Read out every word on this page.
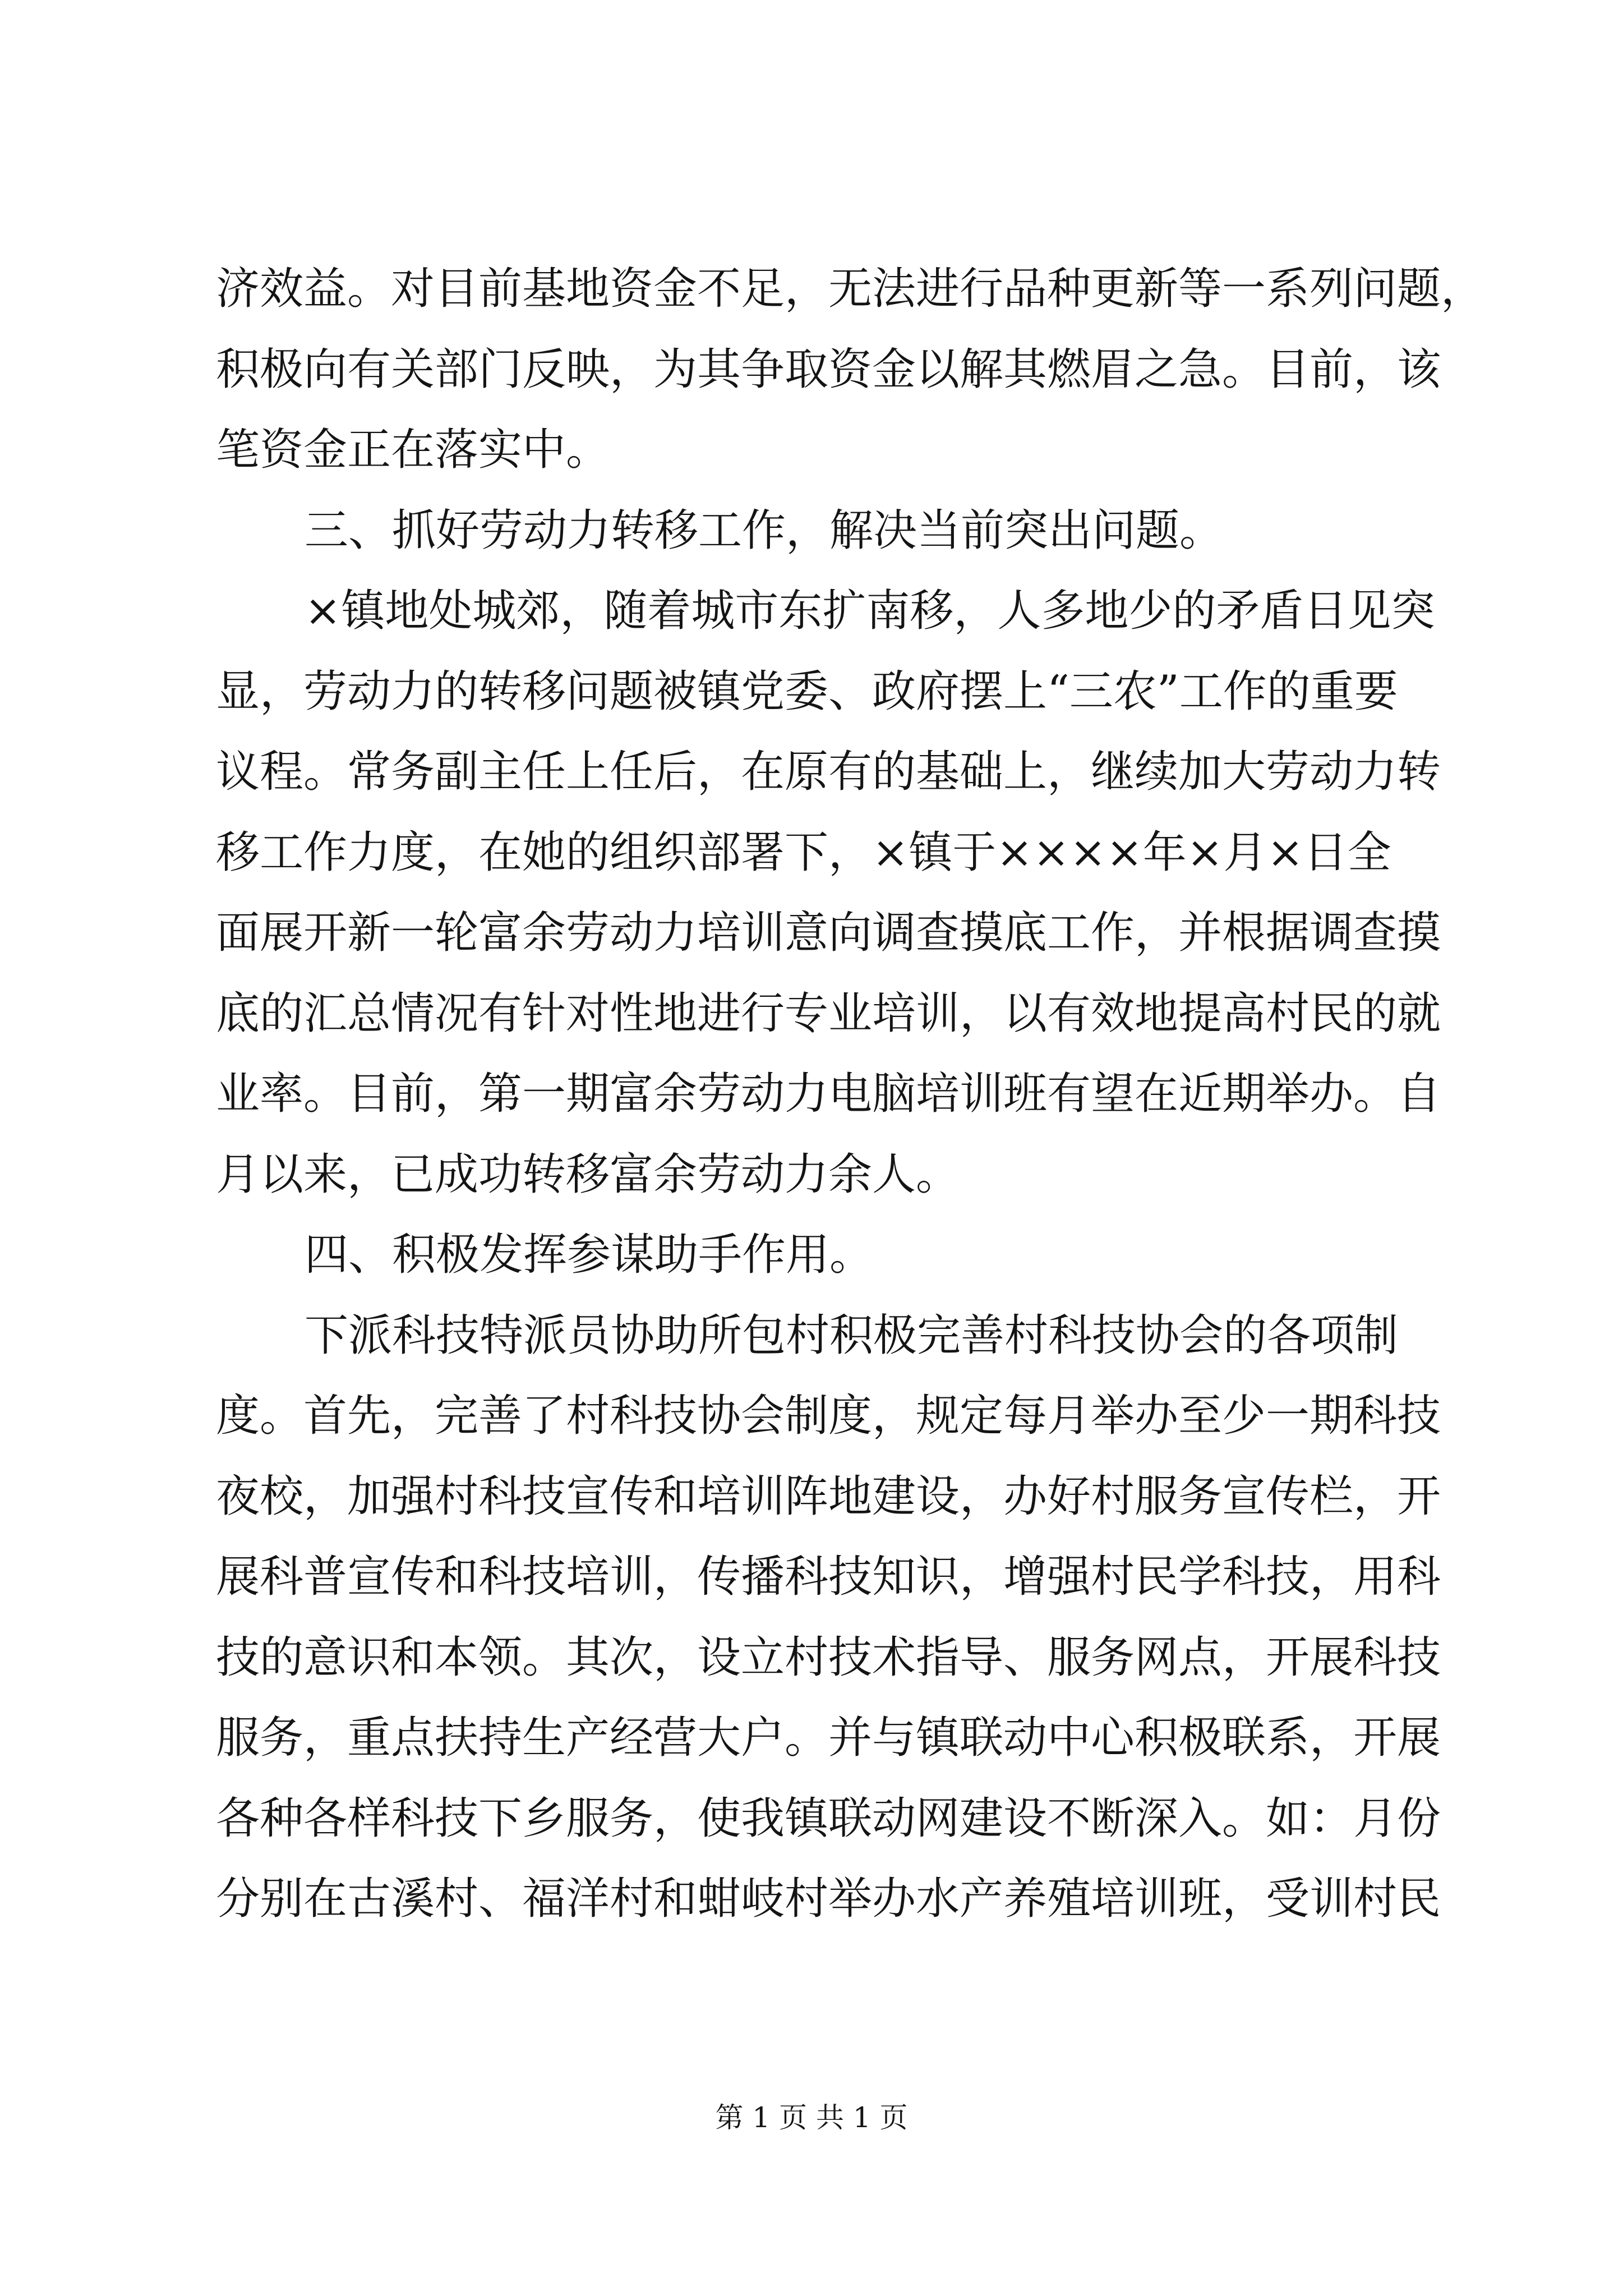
济效益。对目前基地资金不足，无法进行品种更新等一系列问题，
积极向有关部门反映，为其争取资金以解其燃眉之急。目前，该
笔资金正在落实中。
三、抓好劳动力转移工作，解决当前突出问题。
×镇地处城郊，随着城市东扩南移，人多地少的矛盾日见突
显，劳动力的转移问题被镇党委、政府摆上“三农”工作的重要
议程。常务副主任上任后，在原有的基础上，继续加大劳动力转
移工作力度，在她的组织部署下，×镇于××××年×月×日全
面展开新一轮富余劳动力培训意向调查摸底工作，并根据调查摸
底的汇总情况有针对性地进行专业培训，以有效地提高村民的就
业率。目前，第一期富余劳动力电脑培训班有望在近期举办。自
月以来，已成功转移富余劳动力余人。
四、积极发挥参谋助手作用。
下派科技特派员协助所包村积极完善村科技协会的各项制
度。首先，完善了村科技协会制度，规定每月举办至少一期科技
夜校，加强村科技宣传和培训阵地建设，办好村服务宣传栏，开
展科普宣传和科技培训，传播科技知识，增强村民学科技，用科
技的意识和本领。其次，设立村技术指导、服务网点，开展科技
服务，重点扶持生产经营大户。并与镇联动中心积极联系，开展
各种各样科技下乡服务，使我镇联动网建设不断深入。如：月份
分别在古溪村、福洋村和蚶岐村举办水产养殖培训班，受训村民
第 1 页 共 1 页
